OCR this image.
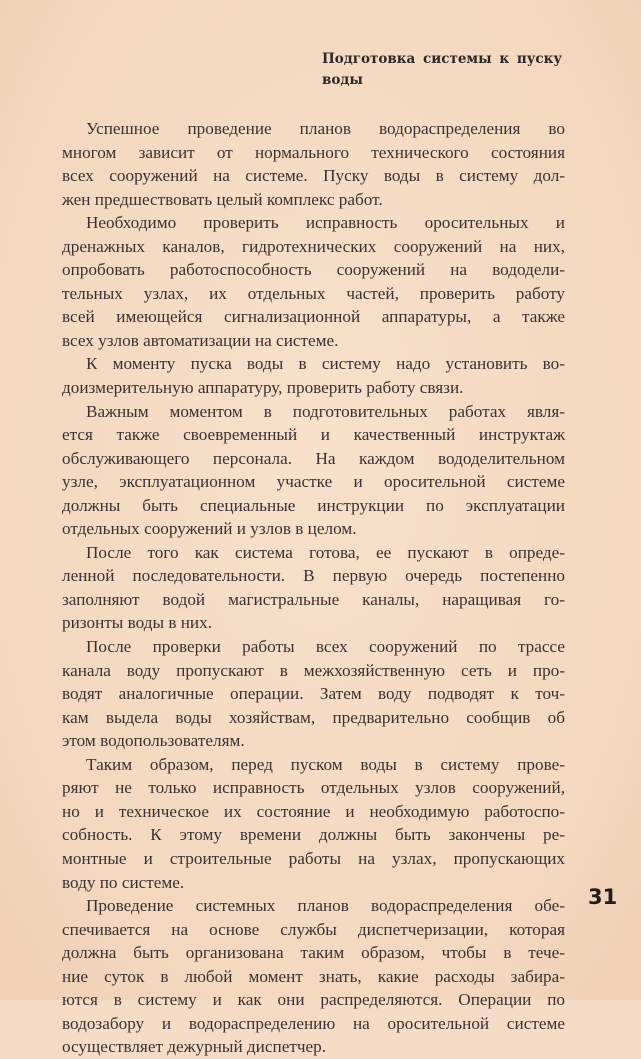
Подготовка системы к пуску
воды
Успешное проведение планов водораспределения во
многом зависит от нормального технического состояния
всех сооружений на системе. Пуску воды в систему дол-
жен предшествовать целый комплекс работ.
Необходимо проверить исправность оросительных и
дренажных каналов, гидротехнических сооружений на них,
опробовать работоспособность сооружений на вододели-
тельных узлах, их отдельных частей, проверить работу
всей имеющейся сигнализационной аппаратуры, а также
всех узлов автоматизации на системе.
К моменту пуска воды в систему надо установить во-
доизмерительную аппаратуру, проверить работу связи.
Важным моментом в подготовительных работах явля-
ется также своевременный и качественный инструктаж
обслуживающего персонала. На каждом вододелительном
узле, эксплуатационном участке и оросительной системе
должны быть специальные инструкции по эксплуатации
отдельных сооружений и узлов в целом.
После того как система готова, ее пускают в опреде-
ленной последовательности. В первую очередь постепенно
заполняют водой магистральные каналы, наращивая го-
ризонты воды в них.
После проверки работы всех сооружений по трассе
канала воду пропускают в межхозяйственную сеть и про-
водят аналогичные операции. Затем воду подводят к точ-
кам выдела воды хозяйствам, предварительно сообщив об
этом водопользователям.
Таким образом, перед пуском воды в систему прове-
ряют не только исправность отдельных узлов сооружений,
но и техническое их состояние и необходимую работоспо-
собность. К этому времени должны быть закончены ре-
монтные и строительные работы на узлах, пропускающих
воду по системе.
Проведение системных планов водораспределения обе-
спечивается на основе службы диспетчеризации, которая
должна быть организована таким образом, чтобы в тече-
ние суток в любой момент знать, какие расходы забира-
ются в систему и как они распределяются. Операции по
водозабору и водораспределению на оросительной системе
осуществляет дежурный диспетчер.
31
